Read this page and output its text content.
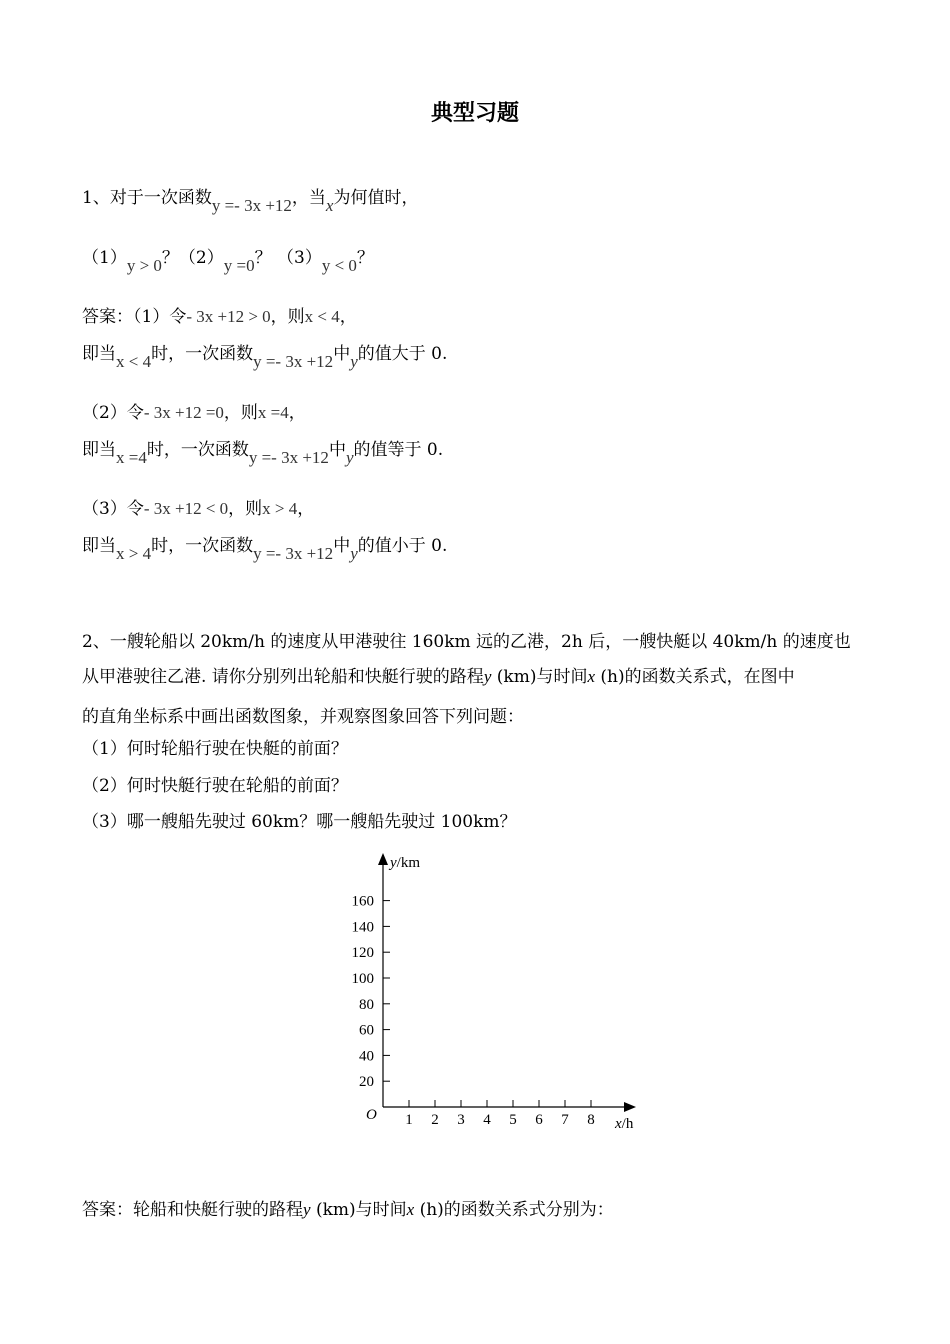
典型习题
1、对于一次函数y =- 3x +12，当x为何值时，
（1）y > 0？（2）y =0？ （3）y < 0？
答案：（1）令- 3x +12 > 0，则x < 4，
即当x < 4时，一次函数y =- 3x +12中y的值大于 0.
（2）令- 3x +12 =0，则x =4，
即当x =4时，一次函数y =- 3x +12中y的值等于 0.
（3）令- 3x +12 < 0，则x > 4，
即当x > 4时，一次函数y =- 3x +12中y的值小于 0.
2、一艘轮船以 20km/h 的速度从甲港驶往 160km 远的乙港，2h 后，一艘快艇以 40km/h 的速度也
从甲港驶往乙港. 请你分别列出轮船和快艇行驶的路程y (km)与时间x (h)的函数关系式，在图中
的直角坐标系中画出函数图象，并观察图象回答下列问题：
（1）何时轮船行驶在快艇的前面？
（2）何时快艇行驶在轮船的前面？
（3）哪一艘船先驶过 60km？哪一艘船先驶过 100km？
1 2 3 4 5 6 7 8
20
40
60
80
100
120
140
160
O
y/km
x/h
答案：轮船和快艇行驶的路程y (km)与时间x (h)的函数关系式分别为：
